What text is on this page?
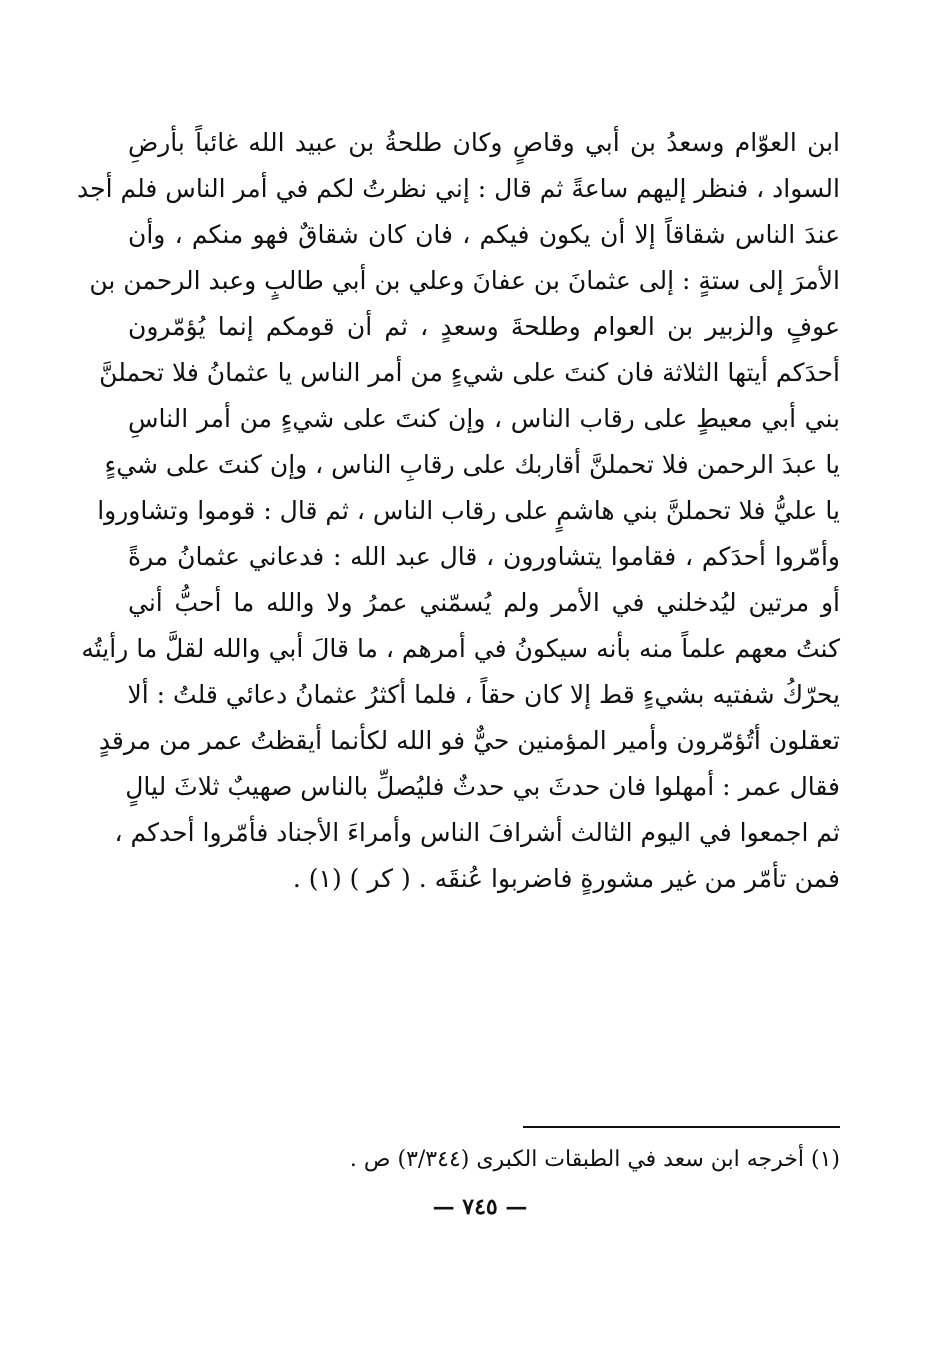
ابن العوّام وسعدُ بن أبي وقاصٍ وكان طلحةُ بن عبيد الله غائباً بأرضِ
السواد ، فنظر إليهم ساعةً ثم قال : إني نظرتُ لكم في أمر الناس فلم أجد
عندَ الناس شقاقاً إلا أن يكون فيكم ، فان كان شقاقٌ فهو منكم ، وأن
الأمرَ إلى ستةٍ : إلى عثمانَ بن عفانَ وعلي بن أبي طالبٍ وعبد الرحمن بن
عوفٍ والزبير بن العوام وطلحةَ وسعدٍ ، ثم أن قومكم إنما يُؤمّرون
أحدَكم أيتها الثلاثة فان كنتَ على شيءٍ من أمر الناس يا عثمانُ فلا تحملنَّ
بني أبي معيطٍ على رقاب الناس ، وإن كنتَ على شيءٍ من أمر الناسِ
يا عبدَ الرحمن فلا تحملنَّ أقاربك على رقابِ الناس ، وإن كنتَ على شيءٍ
يا عليُّ فلا تحملنَّ بني هاشمٍ على رقاب الناس ، ثم قال : قوموا وتشاوروا
وأمّروا أحدَكم ، فقاموا يتشاورون ، قال عبد الله : فدعاني عثمانُ مرةً
أو مرتين ليُدخلني في الأمر ولم يُسمّني عمرُ ولا والله ما أحبُّ أني
كنتُ معهم علماً منه بأنه سيكونُ في أمرهم ، ما قالَ أبي والله لقلَّ ما رأيتُه
يحرّكُ شفتيه بشيءٍ قط إلا كان حقاً ، فلما أكثرُ عثمانُ دعائي قلتُ : ألا
تعقلون أتُؤمّرون وأمير المؤمنين حيٌّ فو الله لكأنما أيقظتُ عمر من مرقدٍ
فقال عمر : أمهلوا فان حدثَ بي حدثٌ فليُصلِّ بالناس صهيبٌ ثلاثَ ليالٍ
ثم اجمعوا في اليوم الثالث أشرافَ الناس وأمراءَ الأجناد فأمّروا أحدكم ،
فمن تأمّر من غير مشورةٍ فاضربوا عُنقَه . ( كر ) (١) .
(١) أخرجه ابن سعد في الطبقات الكبرى (٣/٣٤٤) ص .
— ٧٤٥ —
